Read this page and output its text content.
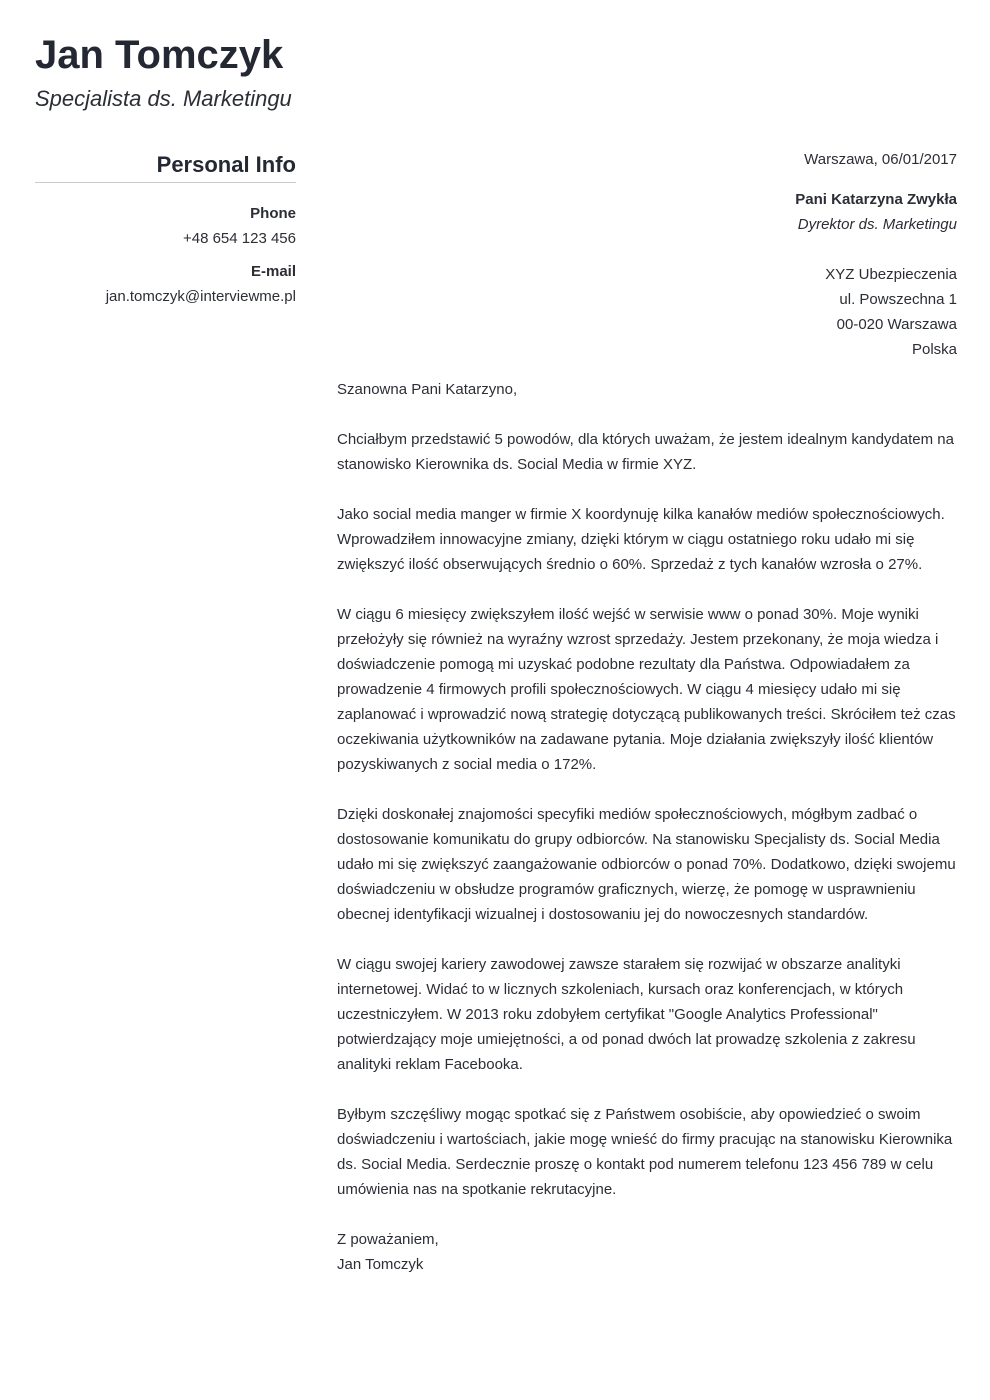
Jan Tomczyk
Specjalista ds. Marketingu
Personal Info
Phone
+48 654 123 456
E-mail
jan.tomczyk@interviewme.pl
Warszawa, 06/01/2017
Pani Katarzyna Zwykła
Dyrektor ds. Marketingu
XYZ Ubezpieczenia
ul. Powszechna 1
00-020 Warszawa
Polska

Szanowna Pani Katarzyno,

Chciałbym przedstawić 5 powodów, dla których uważam, że jestem idealnym kandydatem na stanowisko Kierownika ds. Social Media w firmie XYZ.

Jako social media manger w firmie X koordynuję kilka kanałów mediów społecznościowych. Wprowadziłem innowacyjne zmiany, dzięki którym w ciągu ostatniego roku udało mi się zwiększyć ilość obserwujących średnio o 60%. Sprzedaż z tych kanałów wzrosła o 27%.

W ciągu 6 miesięcy zwiększyłem ilość wejść w serwisie www o ponad 30%. Moje wyniki przełożyły się również na wyraźny wzrost sprzedaży. Jestem przekonany, że moja wiedza i doświadczenie pomogą mi uzyskać podobne rezultaty dla Państwa. Odpowiadałem za prowadzenie 4 firmowych profili społecznościowych. W ciągu 4 miesięcy udało mi się zaplanować i wprowadzić nową strategię dotyczącą publikowanych treści. Skróciłem też czas oczekiwania użytkowników na zadawane pytania. Moje działania zwiększyły ilość klientów pozyskiwanych z social media o 172%.

Dzięki doskonałej znajomości specyfiki mediów społecznościowych, mógłbym zadbać o dostosowanie komunikatu do grupy odbiorców. Na stanowisku Specjalisty ds. Social Media udało mi się zwiększyć zaangażowanie odbiorców o ponad 70%. Dodatkowo, dzięki swojemu doświadczeniu w obsłudze programów graficznych, wierzę, że pomogę w usprawnieniu obecnej identyfikacji wizualnej i dostosowaniu jej do nowoczesnych standardów.

W ciągu swojej kariery zawodowej zawsze starałem się rozwijać w obszarze analityki internetowej. Widać to w licznych szkoleniach, kursach oraz konferencjach, w których uczestniczyłem. W 2013 roku zdobyłem certyfikat "Google Analytics Professional" potwierdzający moje umiejętności, a od ponad dwóch lat prowadzę szkolenia z zakresu analityki reklam Facebooka.

Byłbym szczęśliwy mogąc spotkać się z Państwem osobiście, aby opowiedzieć o swoim doświadczeniu i wartościach, jakie mogę wnieść do firmy pracując na stanowisku Kierownika ds. Social Media. Serdecznie proszę o kontakt pod numerem telefonu 123 456 789 w celu umówienia nas na spotkanie rekrutacyjne.

Z poważaniem,
Jan Tomczyk
